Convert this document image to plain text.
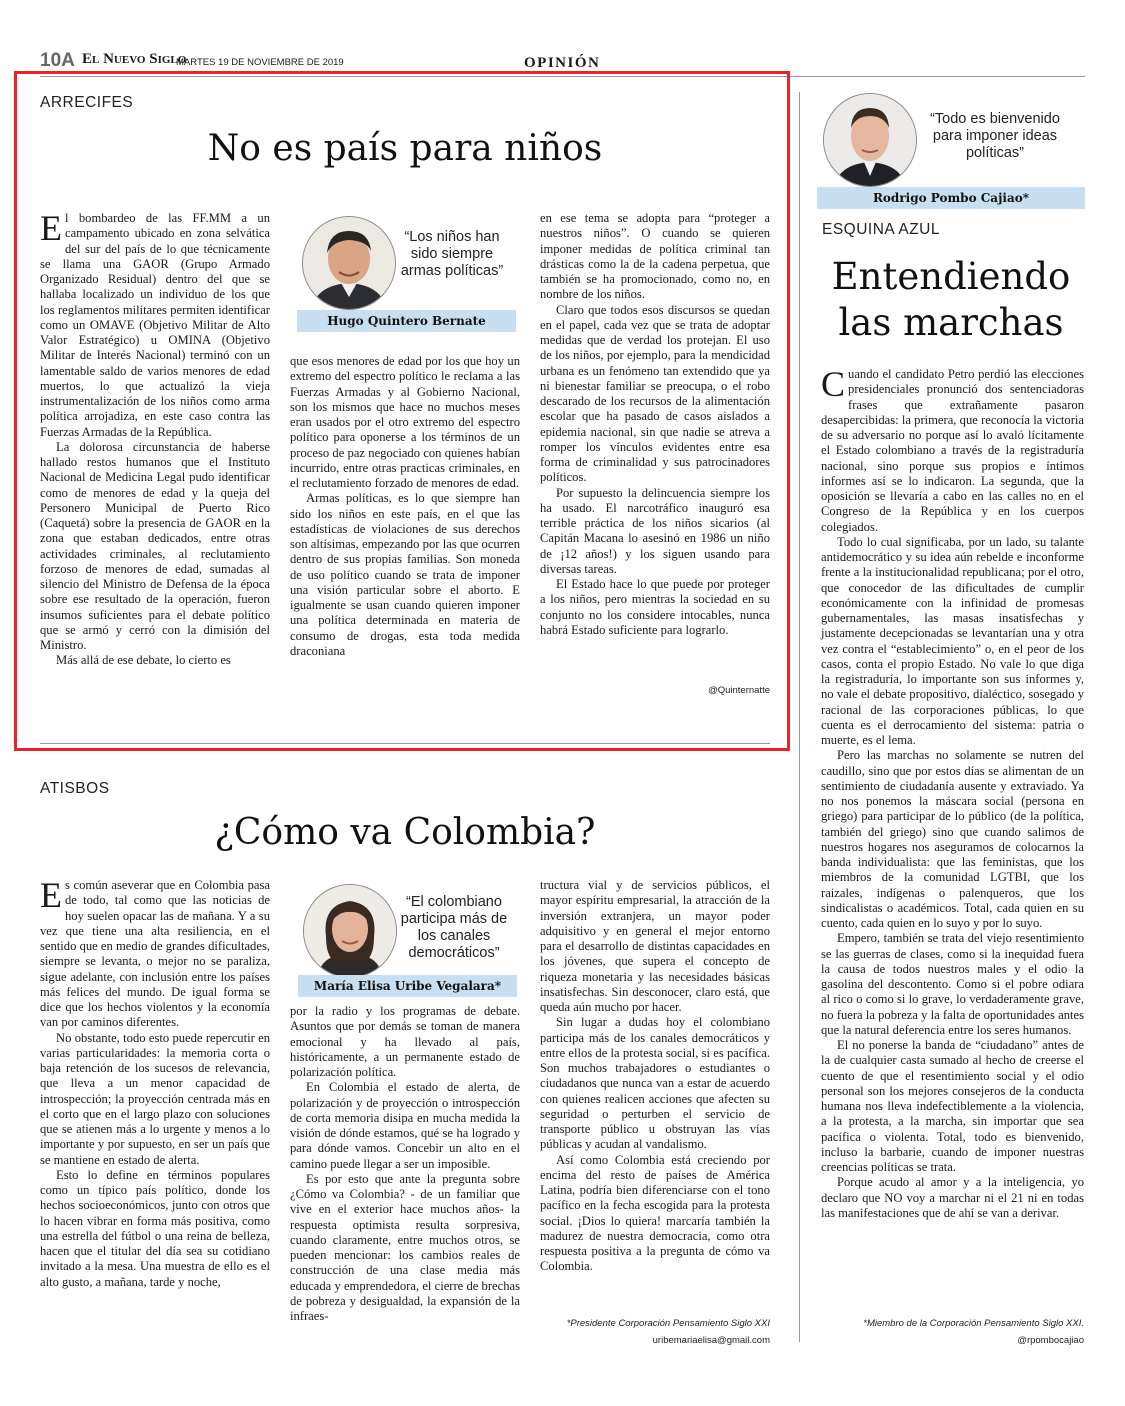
10A El Nuevo Siglo
MARTES 19 DE NOVIEMBRE DE 2019	OPINIÓN
ARRECIFES
No es país para niños
E l bombardeo de las FF.MM a un campamento ubicado en zona selvática del sur del país de lo que técnicamente se llama una GAOR (Grupo Armado Organizado Residual) dentro del que se hallaba localizado un individuo de los que los reglamentos militares permiten identificar como un OMAVE (Objetivo Militar de Alto Valor Estratégico) u OMINA (Objetivo Militar de Interés Nacional) terminó con un lamentable saldo de varios menores de edad muertos, lo que actualizó la vieja instrumentalización de los niños como arma política arrojadiza, en este caso contra las Fuerzas Armadas de la República.

La dolorosa circunstancia de haberse hallado restos humanos que el Instituto Nacional de Medicina Legal pudo identificar como de menores de edad y la queja del Personero Municipal de Puerto Rico (Caquetá) sobre la presencia de GAOR en la zona que estaban dedicados, entre otras actividades criminales, al reclutamiento forzoso de menores de edad, sumadas al silencio del Ministro de Defensa de la época sobre ese resultado de la operación, fueron insumos suficientes para el debate político que se armó y cerró con la dimisión del Ministro.

Más allá de ese debate, lo cierto es

“Los niños han sido siempre armas políticas”
Hugo Quintero Bernate

que esos menores de edad por los que hoy un extremo del espectro político le reclama a las Fuerzas Armadas y al Gobierno Nacional, son los mismos que hace no muchos meses eran usados por el otro extremo del espectro político para oponerse a los términos de un proceso de paz negociado con quienes habían incurrido, entre otras practicas criminales, en el reclutamiento forzado de menores de edad.

Armas políticas, es lo que siempre han sido los niños en este país, en el que las estadísticas de violaciones de sus derechos son altísimas, empezando por las que ocurren dentro de sus propias familias. Son moneda de uso político cuando se trata de imponer una visión particular sobre el aborto. E igualmente se usan cuando quieren imponer una política determinada en materia de consumo de drogas, esta toda medida draconiana

en ese tema se adopta para “proteger a nuestros niños”. O cuando se quieren imponer medidas de política criminal tan drásticas como la de la cadena perpetua, que también se ha promocionado, como no, en nombre de los niños.

Claro que todos esos discursos se quedan en el papel, cada vez que se trata de adoptar medidas que de verdad los protejan. El uso de los niños, por ejemplo, para la mendicidad urbana es un fenómeno tan extendido que ya ni bienestar familiar se preocupa, o el robo descarado de los recursos de la alimentación escolar que ha pasado de casos aislados a epidemia nacional, sin que nadie se atreva a romper los vínculos evidentes entre esa forma de criminalidad y sus patrocinadores políticos.

Por supuesto la delincuencia siempre los ha usado. El narcotráfico inauguró esa terrible práctica de los niños sicarios (al Capitán Macana lo asesinó en 1986 un niño de ¡12 años!) y los siguen usando para diversas tareas.

El Estado hace lo que puede por proteger a los niños, pero mientras la sociedad en su conjunto no los considere intocables, nunca habrá Estado suficiente para lograrlo.

@Quinternatte
ATISBOS
¿Cómo va Colombia?
E s común aseverar que en Colombia pasa de todo, tal como que las noticias de hoy suelen opacar las de mañana. Y a su vez que tiene una alta resiliencia, en el sentido que en medio de grandes dificultades, siempre se levanta, o mejor no se paraliza, sigue adelante, con inclusión entre los países más felices del mundo. De igual forma se dice que los hechos violentos y la economía van por caminos diferentes.

No obstante, todo esto puede repercutir en varias particularidades: la memoria corta o baja retención de los sucesos de relevancia, que lleva a un menor capacidad de introspección; la proyección centrada más en el corto que en el largo plazo con soluciones que se atienen más a lo urgente y menos a lo importante y por supuesto, en ser un país que se mantiene en estado de alerta.

Esto lo define en términos populares como un típico país político, donde los hechos socioeconómicos, junto con otros que lo hacen vibrar en forma más positiva, como una estrella del fútbol o una reina de belleza, hacen que el titular del día sea su cotidiano invitado a la mesa. Una muestra de ello es el alto gusto, a mañana, tarde y noche,

“El colombiano participa más de los canales democráticos”
María Elisa Uribe Vegalara*

por la radio y los programas de debate. Asuntos que por demás se toman de manera emocional y ha llevado al país, históricamente, a un permanente estado de polarización política.

En Colombia el estado de alerta, de polarización y de proyección o introspección de corta memoria disipa en mucha medida la visión de dónde estamos, qué se ha logrado y para dónde vamos. Concebir un alto en el camino puede llegar a ser un imposible.

Es por esto que ante la pregunta sobre ¿Cómo va Colombia? - de un familiar que vive en el exterior hace muchos años- la respuesta optimista resulta sorpresiva, cuando claramente, entre muchos otros, se pueden mencionar: los cambios reales de construcción de una clase media más educada y emprendedora, el cierre de brechas de pobreza y desigualdad, la expansión de la infraes-

tructura vial y de servicios públicos, el mayor espíritu empresarial, la atracción de la inversión extranjera, un mayor poder adquisitivo y en general el mejor entorno para el desarrollo de distintas capacidades en los jóvenes, que supera el concepto de riqueza monetaria y las necesidades básicas insatisfechas. Sin desconocer, claro está, que queda aún mucho por hacer.

Sin lugar a dudas hoy el colombiano participa más de los canales democráticos y entre ellos de la protesta social, si es pacífica. Son muchos trabajadores o estudiantes o ciudadanos que nunca van a estar de acuerdo con quienes realicen acciones que afecten su seguridad o perturben el servicio de transporte público u obstruyan las vías públicas y acudan al vandalismo.

Así como Colombia está creciendo por encima del resto de países de América Latina, podría bien diferenciarse con el tono pacífico en la fecha escogida para la protesta social. ¡Dios lo quiera! marcaría también la madurez de nuestra democracia, como otra respuesta positiva a la pregunta de cómo va Colombia.

*Presidente Corporación Pensamiento Siglo XXI
uribemariaelisa@gmail.com
“Todo es bienvenido para imponer ideas políticas”
Rodrigo Pombo Cajiao*
ESQUINA AZUL
Entendiendo
las marchas
C uando el candidato Petro perdió las elecciones presidenciales pronunció dos sentenciadoras frases que extrañamente pasaron desapercibidas: la primera, que reconocía la victoria de su adversario no porque así lo avaló lícitamente el Estado colombiano a través de la registraduría nacional, sino porque sus propios e íntimos informes así se lo indicaron. La segunda, que la oposición se llevaría a cabo en las calles no en el Congreso de la República y en los cuerpos colegiados.

Todo lo cual significaba, por un lado, su talante antidemocrático y su idea aún rebelde e inconforme frente a la institucionalidad republicana; por el otro, que conocedor de las dificultades de cumplir económicamente con la infinidad de promesas gubernamentales, las masas insatisfechas y justamente decepcionadas se levantarían una y otra vez contra el “establecimiento” o, en el peor de los casos, conta el propio Estado. No vale lo que diga la registraduría, lo importante son sus informes y, no vale el debate propositivo, dialéctico, sosegado y racional de las corporaciones públicas, lo que cuenta es el derrocamiento del sistema: patria o muerte, es el lema.

Pero las marchas no solamente se nutren del caudillo, sino que por estos días se alimentan de un sentimiento de ciudadanía ausente y extraviado. Ya no nos ponemos la máscara social (persona en griego) para participar de lo público (de la política, también del griego) sino que cuando salimos de nuestros hogares nos aseguramos de colocarnos la banda individualista: que las feministas, que los miembros de la comunidad LGTBI, que los raizales, indígenas o palenqueros, que los sindicalistas o académicos. Total, cada quien en su cuento, cada quien en lo suyo y por lo suyo.

Empero, también se trata del viejo resentimiento se las guerras de clases, como si la inequidad fuera la causa de todos nuestros males y el odio la gasolina del descontento. Como si el pobre odiara al rico o como si lo grave, lo verdaderamente grave, no fuera la pobreza y la falta de oportunidades antes que la natural deferencia entre los seres humanos.

El no ponerse la banda de “ciudadano” antes de la de cualquier casta sumado al hecho de creerse el cuento de que el resentimiento social y el odio personal son los mejores consejeros de la conducta humana nos lleva indefectiblemente a la violencia, a la protesta, a la marcha, sin importar que sea pacífica o violenta. Total, todo es bienvenido, incluso la barbarie, cuando de imponer nuestras creencias políticas se trata.

Porque acudo al amor y a la inteligencia, yo declaro que NO voy a marchar ni el 21 ni en todas las manifestaciones que de ahí se van a derivar.

*Miembro de la Corporación Pensamiento Siglo XXI.
@rpombocajiao
